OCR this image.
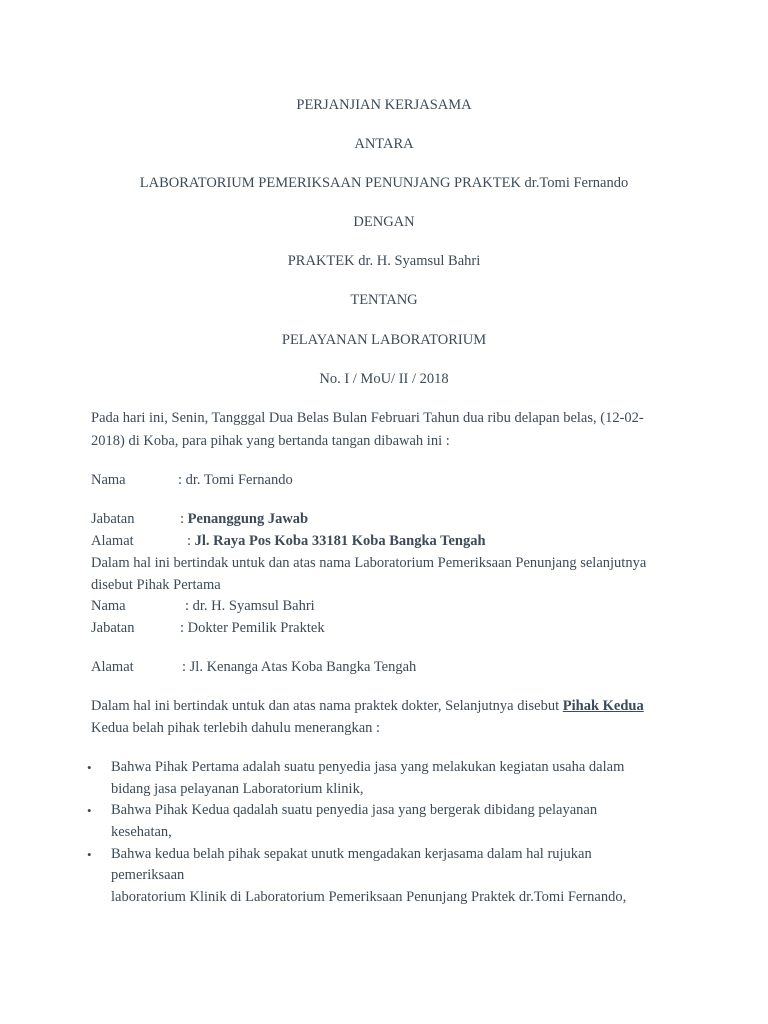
PERJANJIAN KERJASAMA
ANTARA
LABORATORIUM PEMERIKSAAN PENUNJANG PRAKTEK dr.Tomi Fernando
DENGAN
PRAKTEK dr. H. Syamsul Bahri
TENTANG
PELAYANAN LABORATORIUM
No. I / MoU/ II / 2018
Pada hari ini, Senin, Tangggal Dua Belas Bulan Februari Tahun dua ribu delapan belas, (12-02-
2018) di Koba, para pihak yang bertanda tangan dibawah ini :
Nama	: dr. Tomi Fernando
Jabatan	: Penanggung Jawab
Alamat	: Jl. Raya Pos Koba 33181 Koba Bangka Tengah
Dalam hal ini bertindak untuk dan atas nama Laboratorium Pemeriksaan Penunjang selanjutnya
disebut Pihak Pertama
Nama	: dr. H. Syamsul Bahri
Jabatan	: Dokter Pemilik Praktek
Alamat	: Jl. Kenanga Atas Koba Bangka Tengah
Dalam hal ini bertindak untuk dan atas nama praktek dokter, Selanjutnya disebut Pihak Kedua
Kedua belah pihak terlebih dahulu menerangkan :
• Bahwa Pihak Pertama adalah suatu penyedia jasa yang melakukan kegiatan usaha dalam
bidang jasa pelayanan Laboratorium klinik,
• Bahwa Pihak Kedua qadalah suatu penyedia jasa yang bergerak dibidang pelayanan
kesehatan,
• Bahwa kedua belah pihak sepakat unutk mengadakan kerjasama dalam hal rujukan
pemeriksaan
laboratorium Klinik di Laboratorium Pemeriksaan Penunjang Praktek dr.Tomi Fernando,
